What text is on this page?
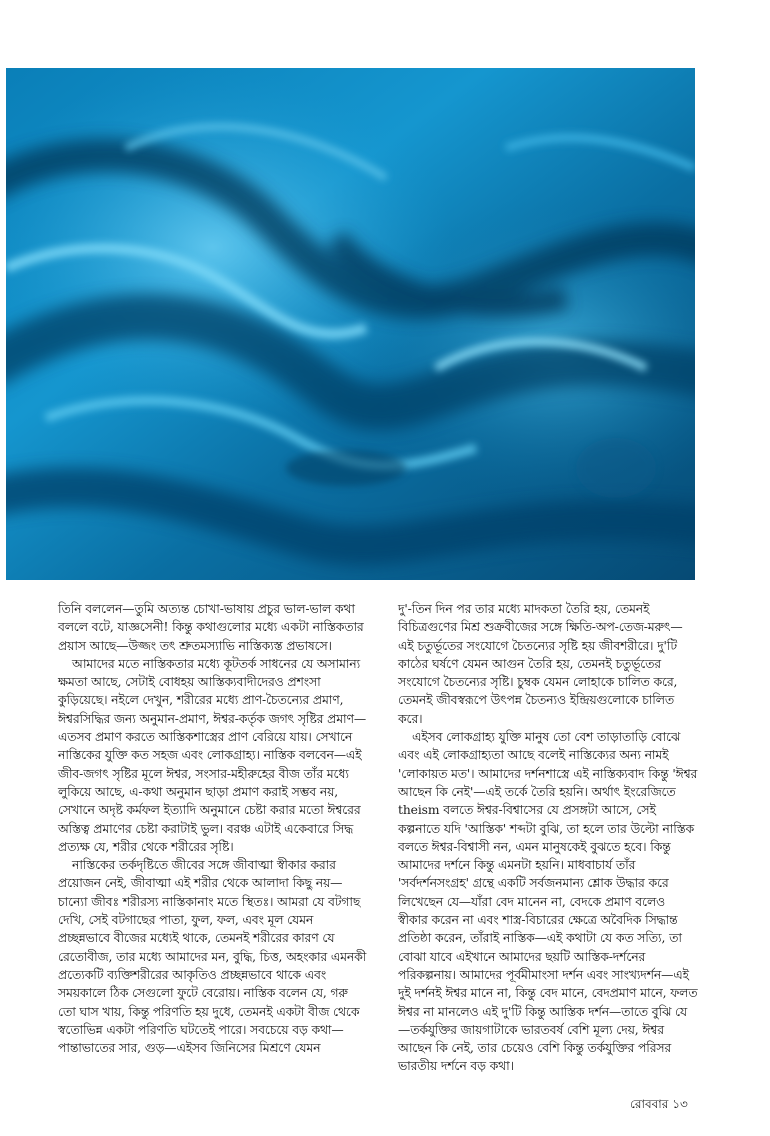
তিনি বললেন—তুমি অত্যন্ত চোখা-ভাষায় প্রচুর ভাল-ভাল কথা বললে বটে, যাজ্ঞসেনী! কিন্তু কথাগুলোর মধ্যে একটা নাস্তিকতার প্রয়াস আছে—উজ্জং তৎ শ্রুতমস্যাভি নাস্তিক্যস্ত প্রভাষসে।

আমাদের মতে নাস্তিকতার মধ্যে কূটতর্ক সাধনের যে অসামান্য ক্ষমতা আছে, সেটাই বোধহয় আস্তিক্যবাদীদেরও প্রশংসা কুড়িয়েছে। নইলে দেখুন, শরীরের মধ্যে প্রাণ-চৈতন্যের প্রমাণ, ঈশ্বরসিদ্ধির জন্য অনুমান-প্রমাণ, ঈশ্বর-কর্তৃক জগৎ সৃষ্টির প্রমাণ—এতসব প্রমাণ করতে আস্তিকশাস্ত্রের প্রাণ বেরিয়ে যায়। সেখানে নাস্তিকের যুক্তি কত সহজ এবং লোকগ্রাহ্য। নাস্তিক বলবেন—এই জীব-জগৎ সৃষ্টির মূলে ঈশ্বর, সংসার-মহীরুহের বীজ তাঁর মধ্যে লুকিয়ে আছে, এ-কথা অনুমান ছাড়া প্রমাণ করাই সম্ভব নয়, সেখানে অদৃষ্ট কর্মফল ইত্যাদি অনুমানে চেষ্টা করার মতো ঈশ্বরের অস্তিত্ব প্রমাণের চেষ্টা করাটাই ভুল। বরঞ্চ এটাই একেবারে সিদ্ধ প্রত্যক্ষ যে, শরীর থেকে শরীরের সৃষ্টি।

নাস্তিকের তর্কদৃষ্টিতে জীবের সঙ্গে জীবাত্মা স্বীকার করার প্রয়োজন নেই, জীবাত্মা এই শরীর থেকে আলাদা কিছু নয়—চান্যো জীবঃ শরীরস্য নাস্তিকানাং মতে স্থিতঃ। আমরা যে বটগাছ দেখি, সেই বটগাছের পাতা, ফুল, ফল, এবং মূল যেমন প্রচ্ছন্নভাবে বীজের মধ্যেই থাকে, তেমনই শরীরের কারণ যে রেতোবীজ, তার মধ্যে আমাদের মন, বুদ্ধি, চিত্ত, অহংকার এমনকী প্রত্যেকটি ব্যক্তিশরীরের আকৃতিও প্রচ্ছন্নভাবে থাকে এবং সময়কালে ঠিক সেগুলো ফুটে বেরোয়। নাস্তিক বলেন যে, গরু তো ঘাস খায়, কিন্তু পরিণতি হয় দুধে, তেমনই একটা বীজ থেকে স্বতোভিন্ন একটা পরিণতি ঘটতেই পারে। সবচেয়ে বড় কথা—পান্তাভাতের সার, গুড়—এইসব জিনিসের মিশ্রণে যেমন

দু'-তিন দিন পর তার মধ্যে মাদকতা তৈরি হয়, তেমনই বিচিত্রগুণের মিশ্র শুক্রবীজের সঙ্গে ক্ষিতি-অপ-তেজ-মরুৎ—এই চতুর্ভূতের সংযোগে চৈতন্যের সৃষ্টি হয় জীবশরীরে। দু'টি কাঠের ঘর্ষণে যেমন আগুন তৈরি হয়, তেমনই চতুর্ভূতের সংযোগে চৈতন্যের সৃষ্টি। চুম্বক যেমন লোহাকে চালিত করে, তেমনই জীবস্বরূপে উৎপন্ন চৈতন্যও ইন্দ্রিয়গুলোকে চালিত করে।

এইসব লোকগ্রাহ্য যুক্তি মানুষ তো বেশ তাড়াতাড়ি বোঝে এবং এই লোকগ্রাহ্যতা আছে বলেই নাস্তিক্যের অন্য নামই 'লোকায়ত মত'। আমাদের দর্শনশাস্ত্রে এই নাস্তিক্যবাদ কিন্তু 'ঈশ্বর আছেন কি নেই'—এই তর্কে তৈরি হয়নি। অর্থাৎ ইংরেজিতে theism বলতে ঈশ্বর-বিশ্বাসের যে প্রসঙ্গটা আসে, সেই কল্পনাতে যদি 'আস্তিক' শব্দটা বুঝি, তা হলে তার উল্টো নাস্তিক বলতে ঈশ্বর-বিশ্বাসী নন, এমন মানুষকেই বুঝতে হবে। কিন্তু আমাদের দর্শনে কিন্তু এমনটা হয়নি। মাধবাচার্য তাঁর 'সর্বদর্শনসংগ্রহ' গ্রন্থে একটি সর্বজনমান্য শ্লোক উদ্ধার করে লিখেছেন যে—যাঁরা বেদ মানেন না, বেদকে প্রমাণ বলেও স্বীকার করেন না এবং শাস্ত্র-বিচারের ক্ষেত্রে অবৈদিক সিদ্ধান্ত প্রতিষ্ঠা করেন, তাঁরাই নাস্তিক—এই কথাটা যে কত সত্যি, তা বোঝা যাবে এইখানে আমাদের ছয়টি আস্তিক-দর্শনের পরিকল্পনায়। আমাদের পূর্বমীমাংসা দর্শন এবং সাংখ্যদর্শন—এই দুই দর্শনই ঈশ্বর মানে না, কিন্তু বেদ মানে, বেদপ্রমাণ মানে, ফলত ঈশ্বর না মানলেও এই দু'টি কিন্তু আস্তিক দর্শন—তাতে বুঝি যে—তর্কযুক্তির জায়গাটাকে ভারতবর্ষ বেশি মূল্য দেয়, ঈশ্বর আছেন কি নেই, তার চেয়েও বেশি কিন্তু তর্কযুক্তির পরিসর ভারতীয় দর্শনে বড় কথা।

রোববার ১৩
